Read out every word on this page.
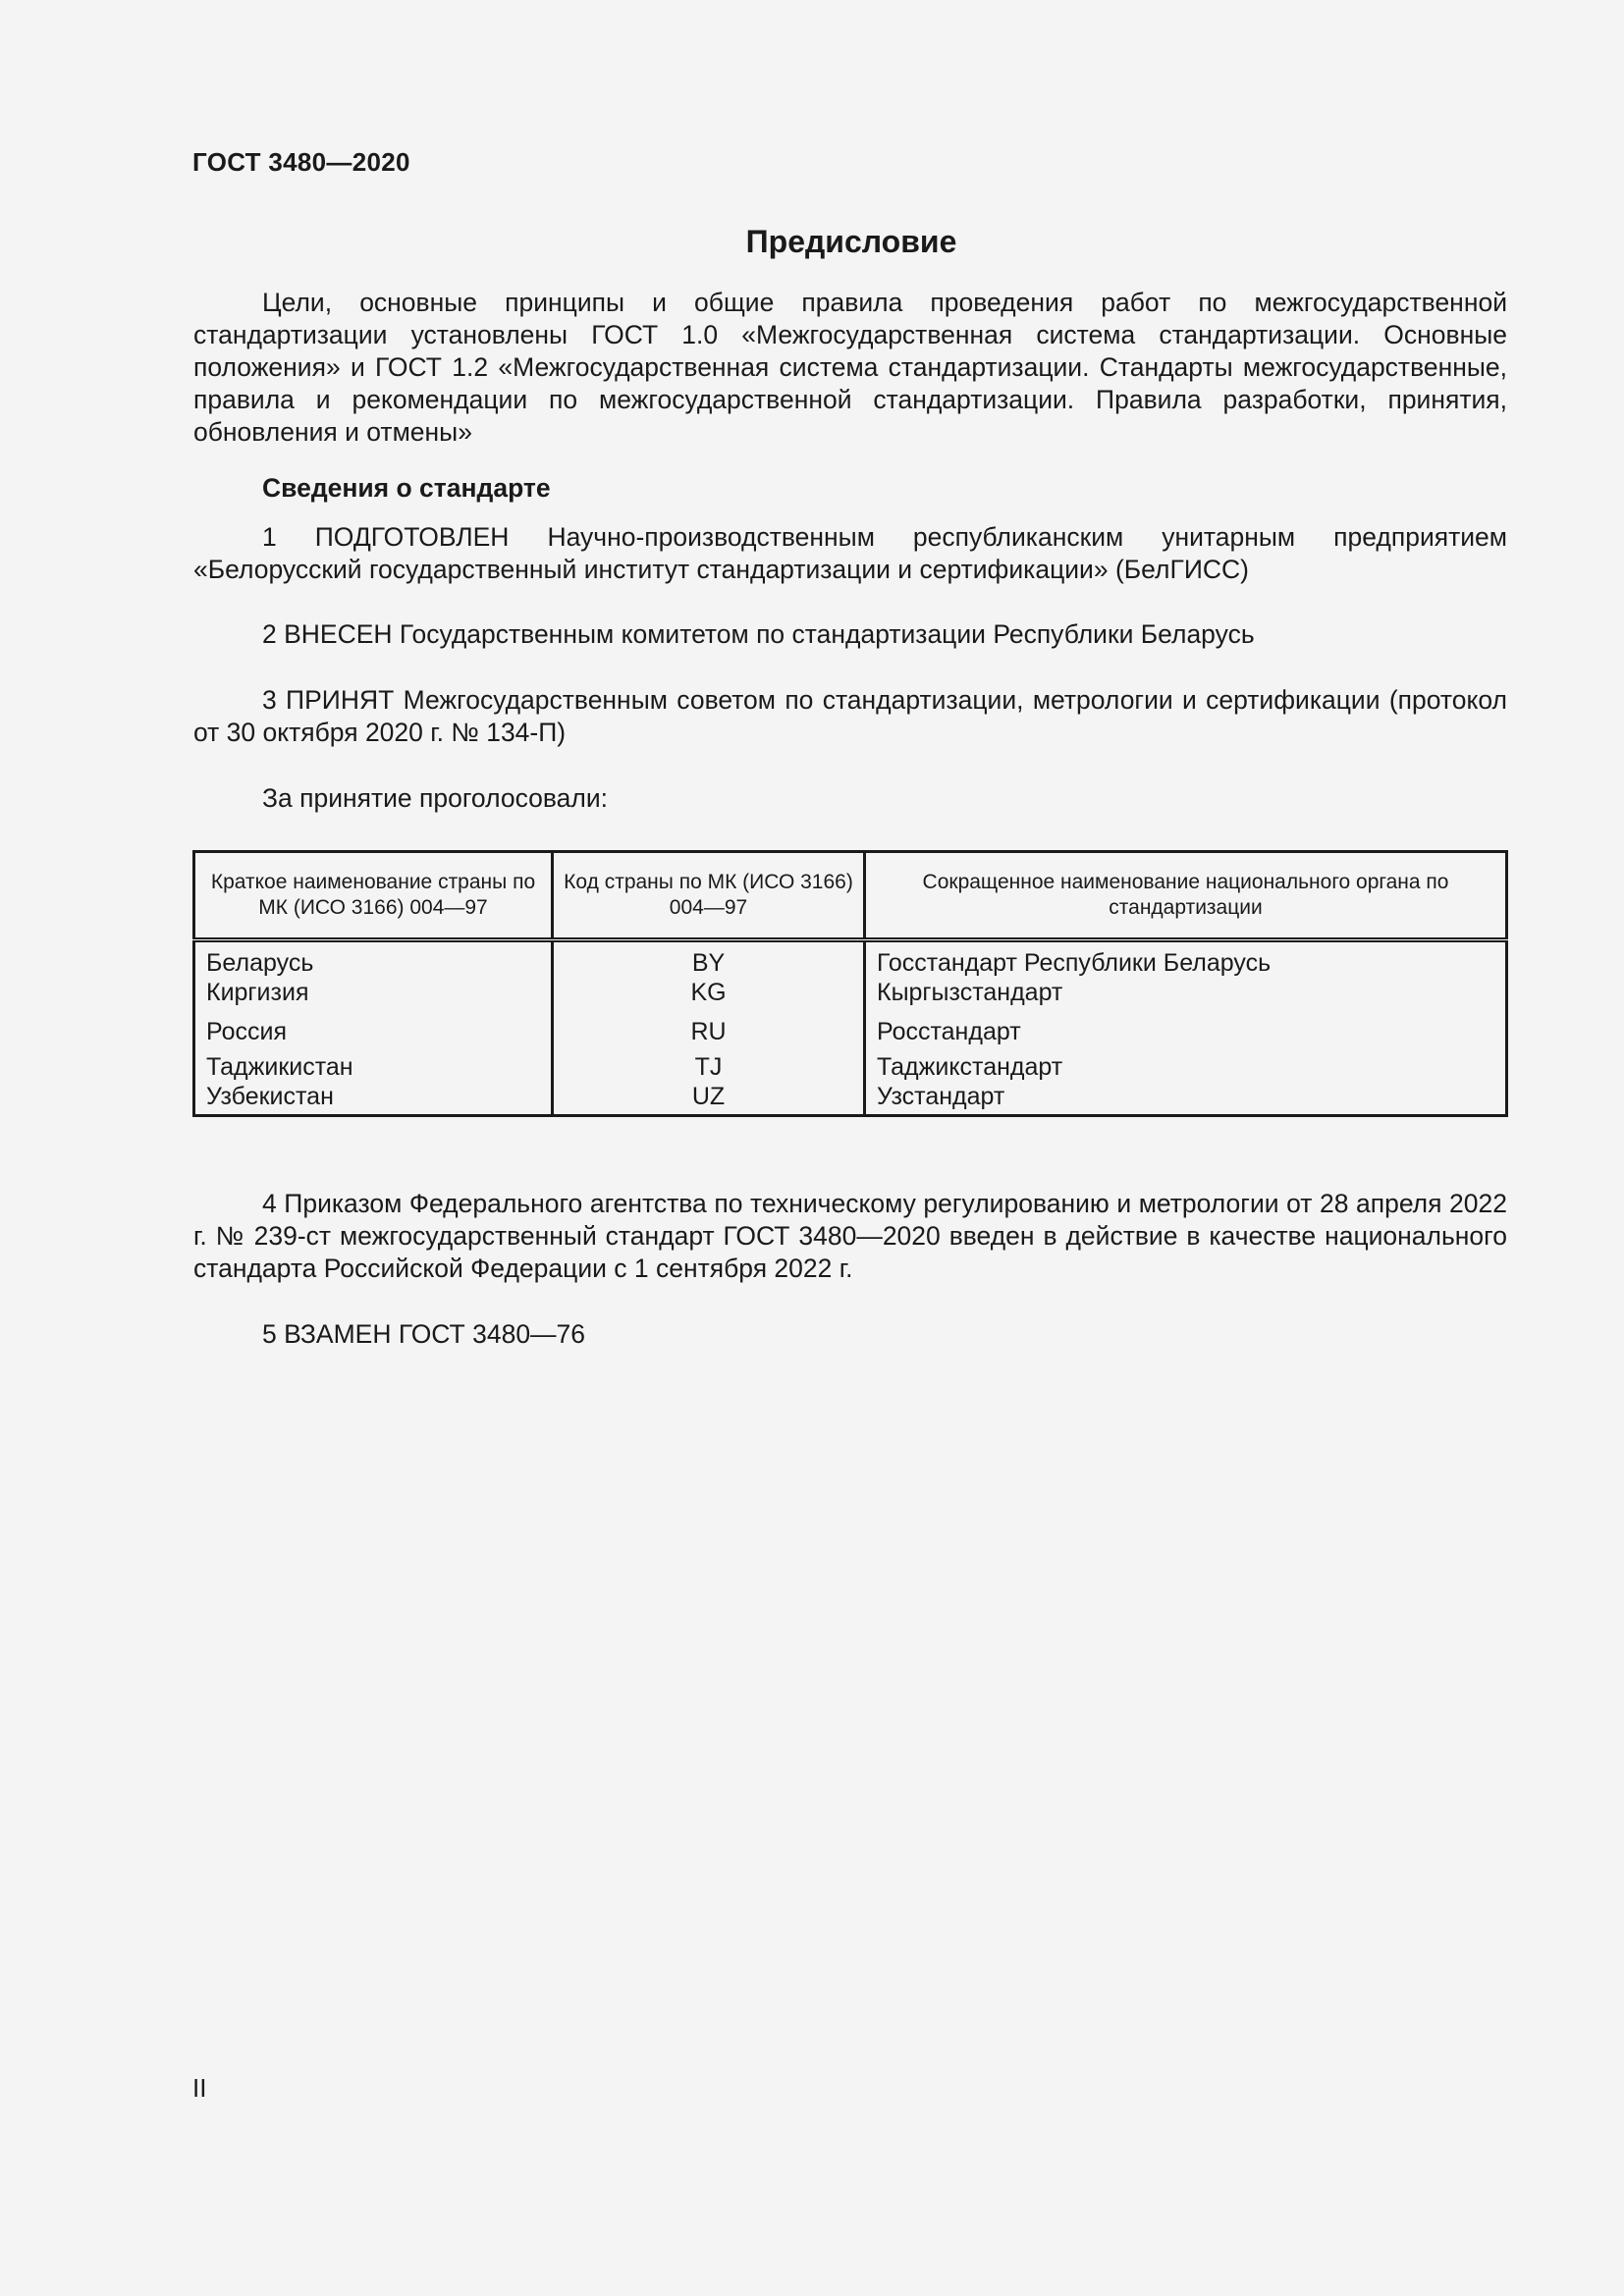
ГОСТ 3480—2020
Предисловие

Цели, основные принципы и общие правила проведения работ по межгосударственной стандартизации установлены ГОСТ 1.0 «Межгосударственная система стандартизации. Основные положения» и ГОСТ 1.2 «Межгосударственная система стандартизации. Стандарты межгосударственные, правила и рекомендации по межгосударственной стандартизации. Правила разработки, принятия, обновления и отмены»

Сведения о стандарте

1 ПОДГОТОВЛЕН Научно-производственным республиканским унитарным предприятием «Белорусский государственный институт стандартизации и сертификации» (БелГИСС)

2 ВНЕСЕН Государственным комитетом по стандартизации Республики Беларусь

3 ПРИНЯТ Межгосударственным советом по стандартизации, метрологии и сертификации (протокол от 30 октября 2020 г. № 134-П)

За принятие проголосовали:

Краткое наименование страны по МК (ИСО 3166) 004—97	Код страны по МК (ИСО 3166) 004—97	Сокращенное наименование национального органа по стандартизации
Беларусь	BY	Госстандарт Республики Беларусь
Киргизия	KG	Кыргызстандарт
Россия	RU	Росстандарт
Таджикистан	TJ	Таджикстандарт
Узбекистан	UZ	Узстандарт

4 Приказом Федерального агентства по техническому регулированию и метрологии от 28 апреля 2022 г. № 239-ст межгосударственный стандарт ГОСТ 3480—2020 введен в действие в качестве национального стандарта Российской Федерации с 1 сентября 2022 г.

5 ВЗАМЕН ГОСТ 3480—76

II
